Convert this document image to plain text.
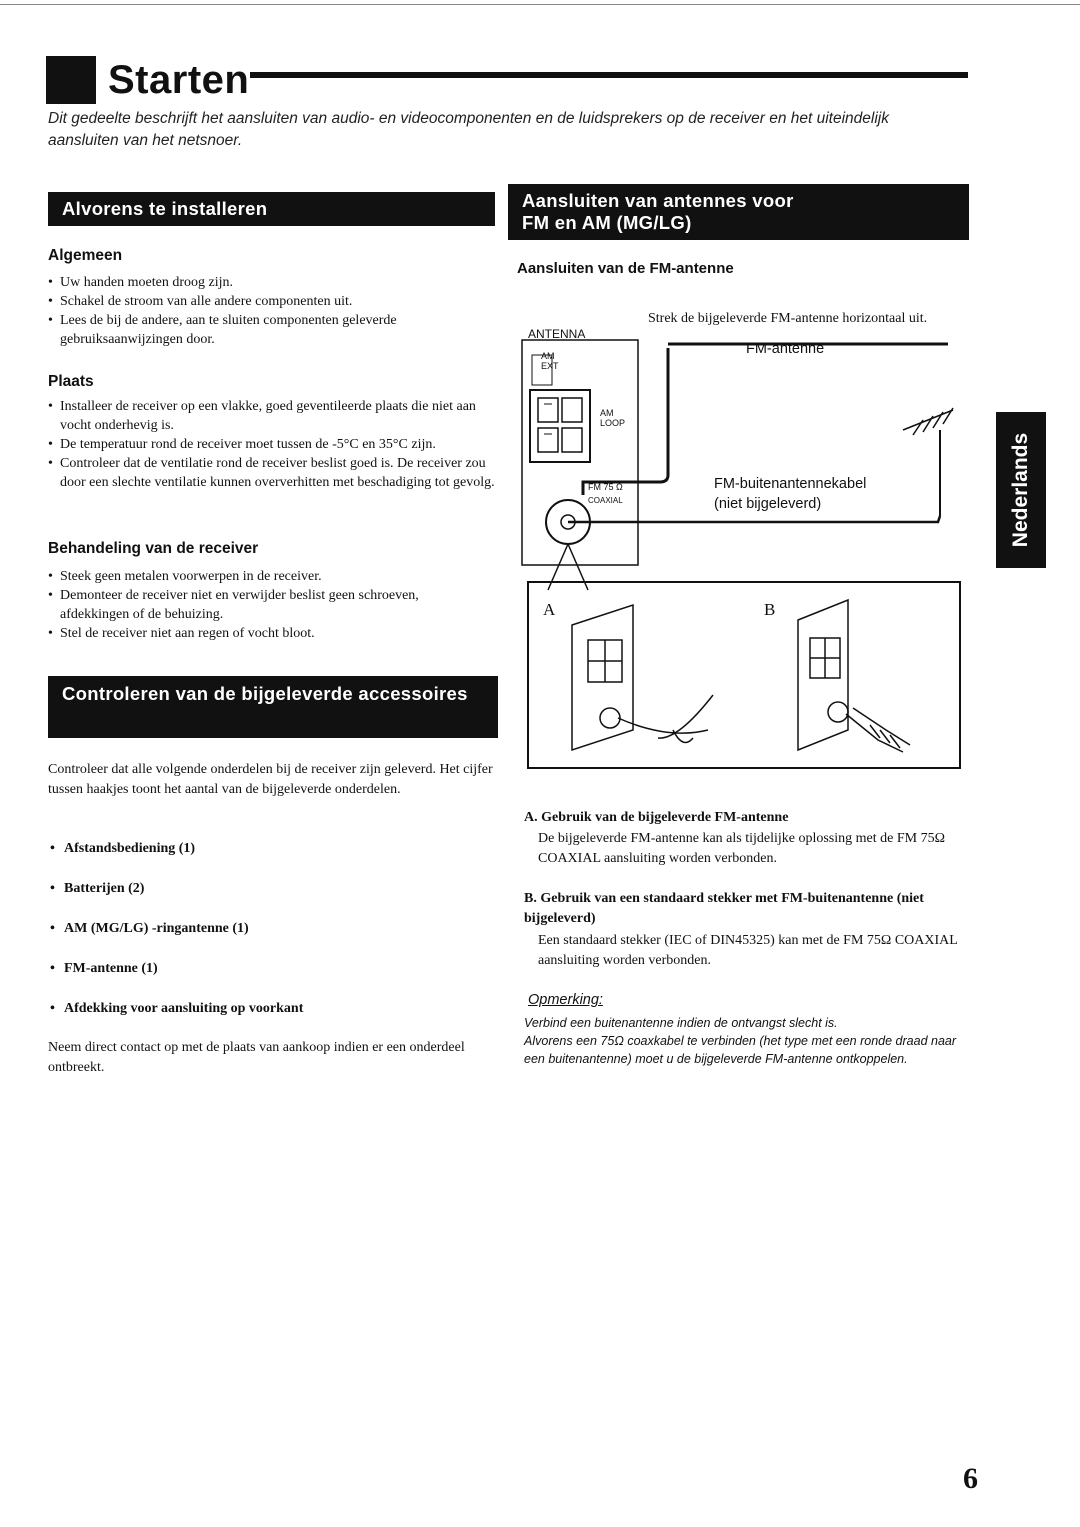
Starten
Dit gedeelte beschrijft het aansluiten van audio- en videocomponenten en de luidsprekers op de receiver en het uiteindelijk aansluiten van het netsnoer.
Alvorens te installeren
Algemeen
• Uw handen moeten droog zijn.
• Schakel de stroom van alle andere componenten uit.
• Lees de bij de andere, aan te sluiten componenten geleverde gebruiksaanwijzingen door.
Plaats
• Installeer de receiver op een vlakke, goed geventileerde plaats die niet aan vocht onderhevig is.
• De temperatuur rond de receiver moet tussen de -5°C en 35°C zijn.
• Controleer dat de ventilatie rond de receiver beslist goed is. De receiver zou door een slechte ventilatie kunnen oververhitten met beschadiging tot gevolg.
Behandeling van de receiver
• Steek geen metalen voorwerpen in de receiver.
• Demonteer de receiver niet en verwijder beslist geen schroeven, afdekkingen of de behuizing.
• Stel de receiver niet aan regen of vocht bloot.
Controleren van de bijgeleverde accessoires
Controleer dat alle volgende onderdelen bij de receiver zijn geleverd. Het cijfer tussen haakjes toont het aantal van de bijgeleverde onderdelen.
• Afstandsbediening (1)
• Batterijen (2)
• AM (MG/LG) -ringantenne (1)
• FM-antenne (1)
• Afdekking voor aansluiting op voorkant
Neem direct contact op met de plaats van aankoop indien er een onderdeel ontbreekt.
Aansluiten van antennes voor
FM en AM (MG/LG)
Aansluiten van de FM-antenne
Strek de bijgeleverde FM-antenne horizontaal uit.
ANTENNA
AM
EXT
AM
LOOP
FM 75 Ω
COAXIAL
FM-antenne
FM-buitenantennekabel
(niet bijgeleverd)
A	B
A. Gebruik van de bijgeleverde FM-antenne
De bijgeleverde FM-antenne kan als tijdelijke oplossing met de FM 75Ω COAXIAL aansluiting worden verbonden.
B. Gebruik van een standaard stekker met FM-buitenantenne (niet bijgeleverd)
Een standaard stekker (IEC of DIN45325) kan met de FM 75Ω COAXIAL aansluiting worden verbonden.
Opmerking:
Verbind een buitenantenne indien de ontvangst slecht is.
Alvorens een 75Ω coaxkabel te verbinden (het type met een ronde draad naar een buitenantenne) moet u de bijgeleverde FM-antenne ontkoppelen.
Nederlands
6
